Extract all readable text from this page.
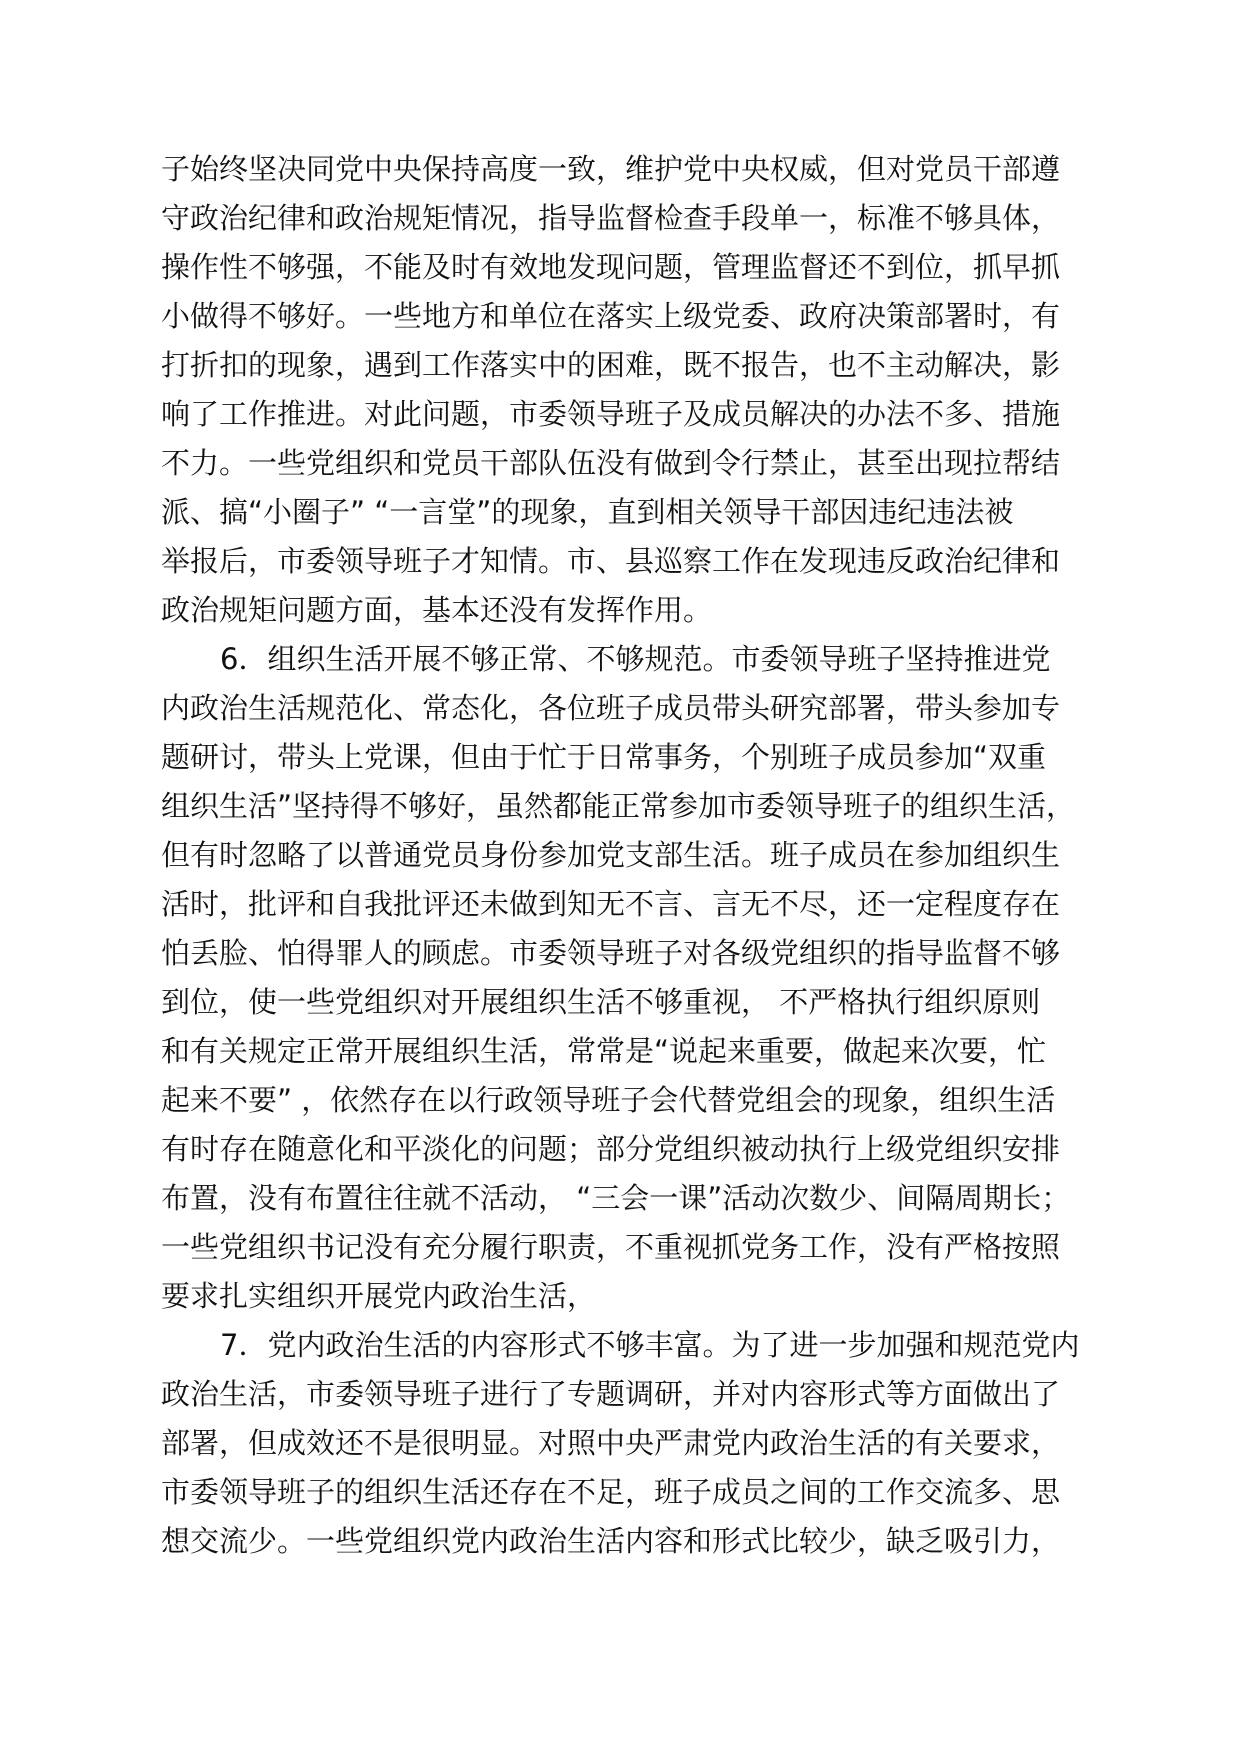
子始终坚决同党中央保持高度一致，维护党中央权威，但对党员干部遵
守政治纪律和政治规矩情况，指导监督检查手段单一，标准不够具体，
操作性不够强，不能及时有效地发现问题，管理监督还不到位，抓早抓
小做得不够好。一些地方和单位在落实上级党委、政府决策部署时，有
打折扣的现象，遇到工作落实中的困难，既不报告，也不主动解决，影
响了工作推进。对此问题，市委领导班子及成员解决的办法不多、措施
不力。一些党组织和党员干部队伍没有做到令行禁止，甚至出现拉帮结
派、搞“小圈子” “一言堂”的现象，直到相关领导干部因违纪违法被
举报后，市委领导班子才知情。市、县巡察工作在发现违反政治纪律和
政治规矩问题方面，基本还没有发挥作用。
6．组织生活开展不够正常、不够规范。市委领导班子坚持推进党
内政治生活规范化、常态化，各位班子成员带头研究部署，带头参加专
题研讨，带头上党课，但由于忙于日常事务，个别班子成员参加“双重
组织生活”坚持得不够好，虽然都能正常参加市委领导班子的组织生活，
但有时忽略了以普通党员身份参加党支部生活。班子成员在参加组织生
活时，批评和自我批评还未做到知无不言、言无不尽，还一定程度存在
怕丢脸、怕得罪人的顾虑。市委领导班子对各级党组织的指导监督不够
到位，使一些党组织对开展组织生活不够重视， 不严格执行组织原则
和有关规定正常开展组织生活，常常是“说起来重要，做起来次要，忙
起来不要” ，依然存在以行政领导班子会代替党组会的现象，组织生活
有时存在随意化和平淡化的问题；部分党组织被动执行上级党组织安排
布置，没有布置往往就不活动， “三会一课”活动次数少、间隔周期长；
一些党组织书记没有充分履行职责，不重视抓党务工作，没有严格按照
要求扎实组织开展党内政治生活，
7．党内政治生活的内容形式不够丰富。为了进一步加强和规范党内
政治生活，市委领导班子进行了专题调研，并对内容形式等方面做出了
部署，但成效还不是很明显。对照中央严肃党内政治生活的有关要求，
市委领导班子的组织生活还存在不足，班子成员之间的工作交流多、思
想交流少。一些党组织党内政治生活内容和形式比较少，缺乏吸引力，
